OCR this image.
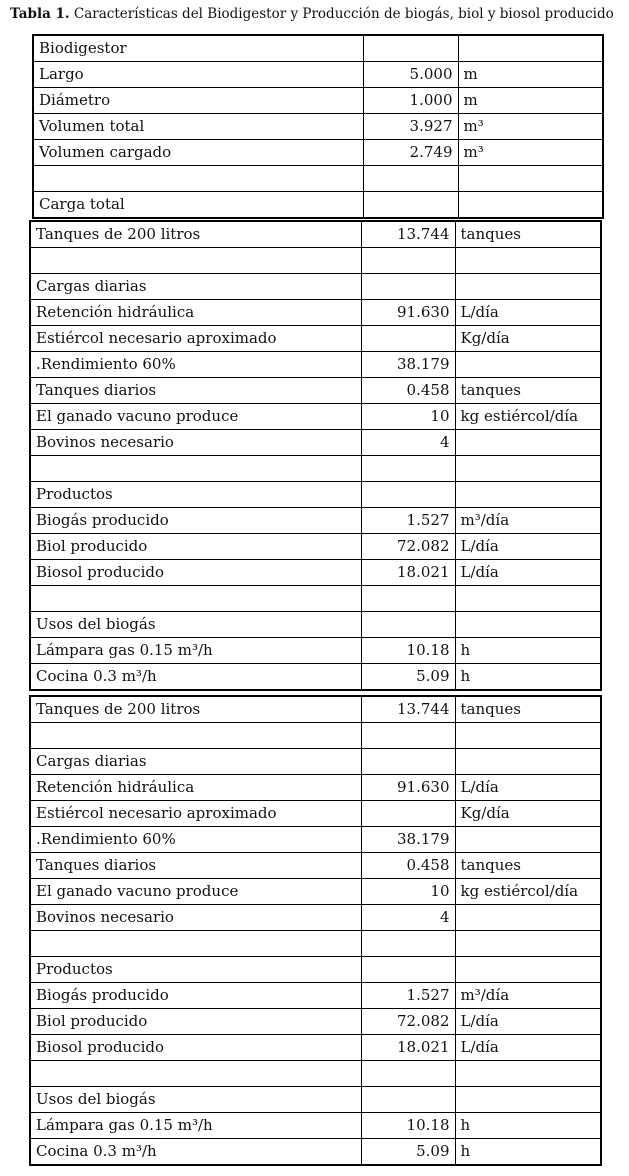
Tabla 1. Características del Biodigestor y Producción de biogás, biol y biosol producido
Biodigestor		
Largo	5.000	m
Diámetro	1.000	m
Volumen total	3.927	m³
Volumen cargado	2.749	m³

Carga total		
Tanques de 200 litros	13.744	tanques

Cargas diarias		
Retención hidráulica	91.630	L/día
Estiércol necesario aproximado		Kg/día
.Rendimiento 60%	38.179	
Tanques diarios	0.458	tanques
El ganado vacuno produce	10	kg estiércol/día
Bovinos necesario	4	

Productos		
Biogás producido	1.527	m³/día
Biol producido	72.082	L/día
Biosol producido	18.021	L/día

Usos del biogás		
Lámpara gas 0.15 m³/h	10.18	h
Cocina 0.3 m³/h	5.09	h
Tanques de 200 litros	13.744	tanques

Cargas diarias		
Retención hidráulica	91.630	L/día
Estiércol necesario aproximado		Kg/día
.Rendimiento 60%	38.179	
Tanques diarios	0.458	tanques
El ganado vacuno produce	10	kg estiércol/día
Bovinos necesario	4	

Productos		
Biogás producido	1.527	m³/día
Biol producido	72.082	L/día
Biosol producido	18.021	L/día

Usos del biogás		
Lámpara gas 0.15 m³/h	10.18	h
Cocina 0.3 m³/h	5.09	h
